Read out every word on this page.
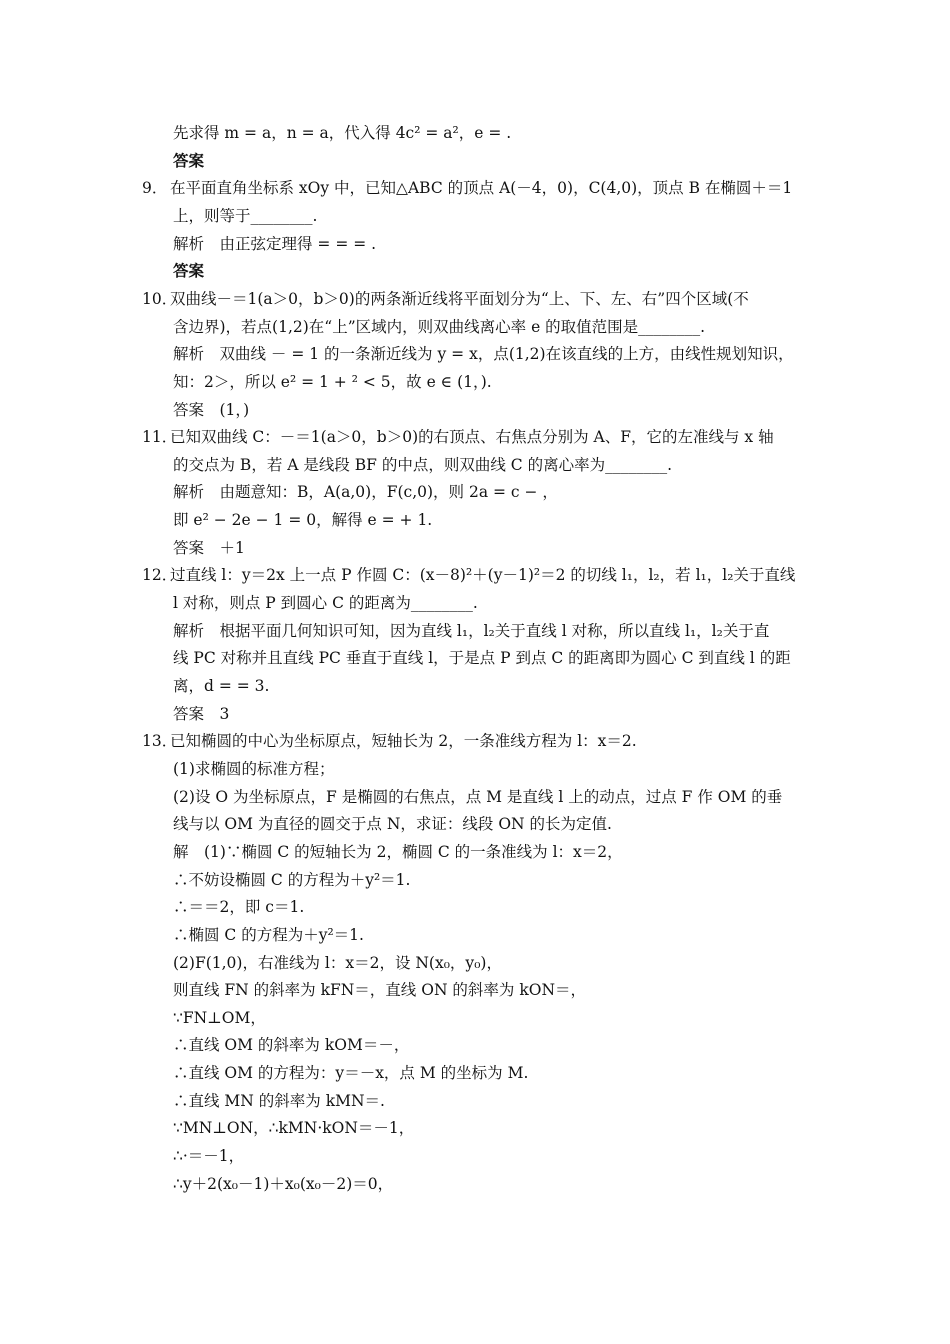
先求得 m = a，n = a，代入得 4c² = a²，e = .
答案
9． 在平面直角坐标系 xOy 中，已知△ABC 的顶点 A(－4，0)，C(4,0)，顶点 B 在椭圆＋＝1
上，则等于________.
解析　由正弦定理得 = = = .
答案
10．
双曲线－＝1(a＞0，b＞0)的两条渐近线将平面划分为“上、下、左、右”四个区域(不
含边界)，若点(1,2)在“上”区域内，则双曲线离心率 e 的取值范围是________.
解析　双曲线 － = 1 的一条渐近线为 y = x，点(1,2)在该直线的上方，由线性规划知识，
知：2＞，所以 e² = 1 + ² < 5，故 e ∈ (1，).
答案　(1，)
11．
已知双曲线 C：－＝1(a＞0，b＞0)的右顶点、右焦点分别为 A、F，它的左准线与 x 轴
的交点为 B，若 A 是线段 BF 的中点，则双曲线 C 的离心率为________.
解析　由题意知：B，A(a,0)，F(c,0)，则 2a = c − ，
即 e² − 2e − 1 = 0，解得 e = + 1.
答案　＋1
12．
过直线 l：y＝2x 上一点 P 作圆 C：(x－8)²＋(y－1)²＝2 的切线 l₁，l₂，若 l₁，l₂关于直线
l 对称，则点 P 到圆心 C 的距离为________.
解析　根据平面几何知识可知，因为直线 l₁，l₂关于直线 l 对称，所以直线 l₁，l₂关于直
线 PC 对称并且直线 PC 垂直于直线 l，于是点 P 到点 C 的距离即为圆心 C 到直线 l 的距
离，d = = 3.
答案　3
13．
已知椭圆的中心为坐标原点，短轴长为 2，一条准线方程为 l：x＝2.
(1)求椭圆的标准方程；
(2)设 O 为坐标原点，F 是椭圆的右焦点，点 M 是直线 l 上的动点，过点 F 作 OM 的垂
线与以 OM 为直径的圆交于点 N，求证：线段 ON 的长为定值.
解　(1)∵椭圆 C 的短轴长为 2，椭圆 C 的一条准线为 l：x＝2，
∴不妨设椭圆 C 的方程为＋y²＝1.
∴＝＝2，即 c＝1.
∴椭圆 C 的方程为＋y²＝1.
(2)F(1,0)，右准线为 l：x＝2，设 N(x₀，y₀)，
则直线 FN 的斜率为 kFN＝，直线 ON 的斜率为 kON＝，
∵FN⊥OM，
∴直线 OM 的斜率为 kOM＝－，
∴直线 OM 的方程为：y＝－x，点 M 的坐标为 M.
∴直线 MN 的斜率为 kMN＝.
∵MN⊥ON，∴kMN·kON＝－1，
∴·＝－1，
∴y＋2(x₀－1)＋x₀(x₀－2)＝0，
